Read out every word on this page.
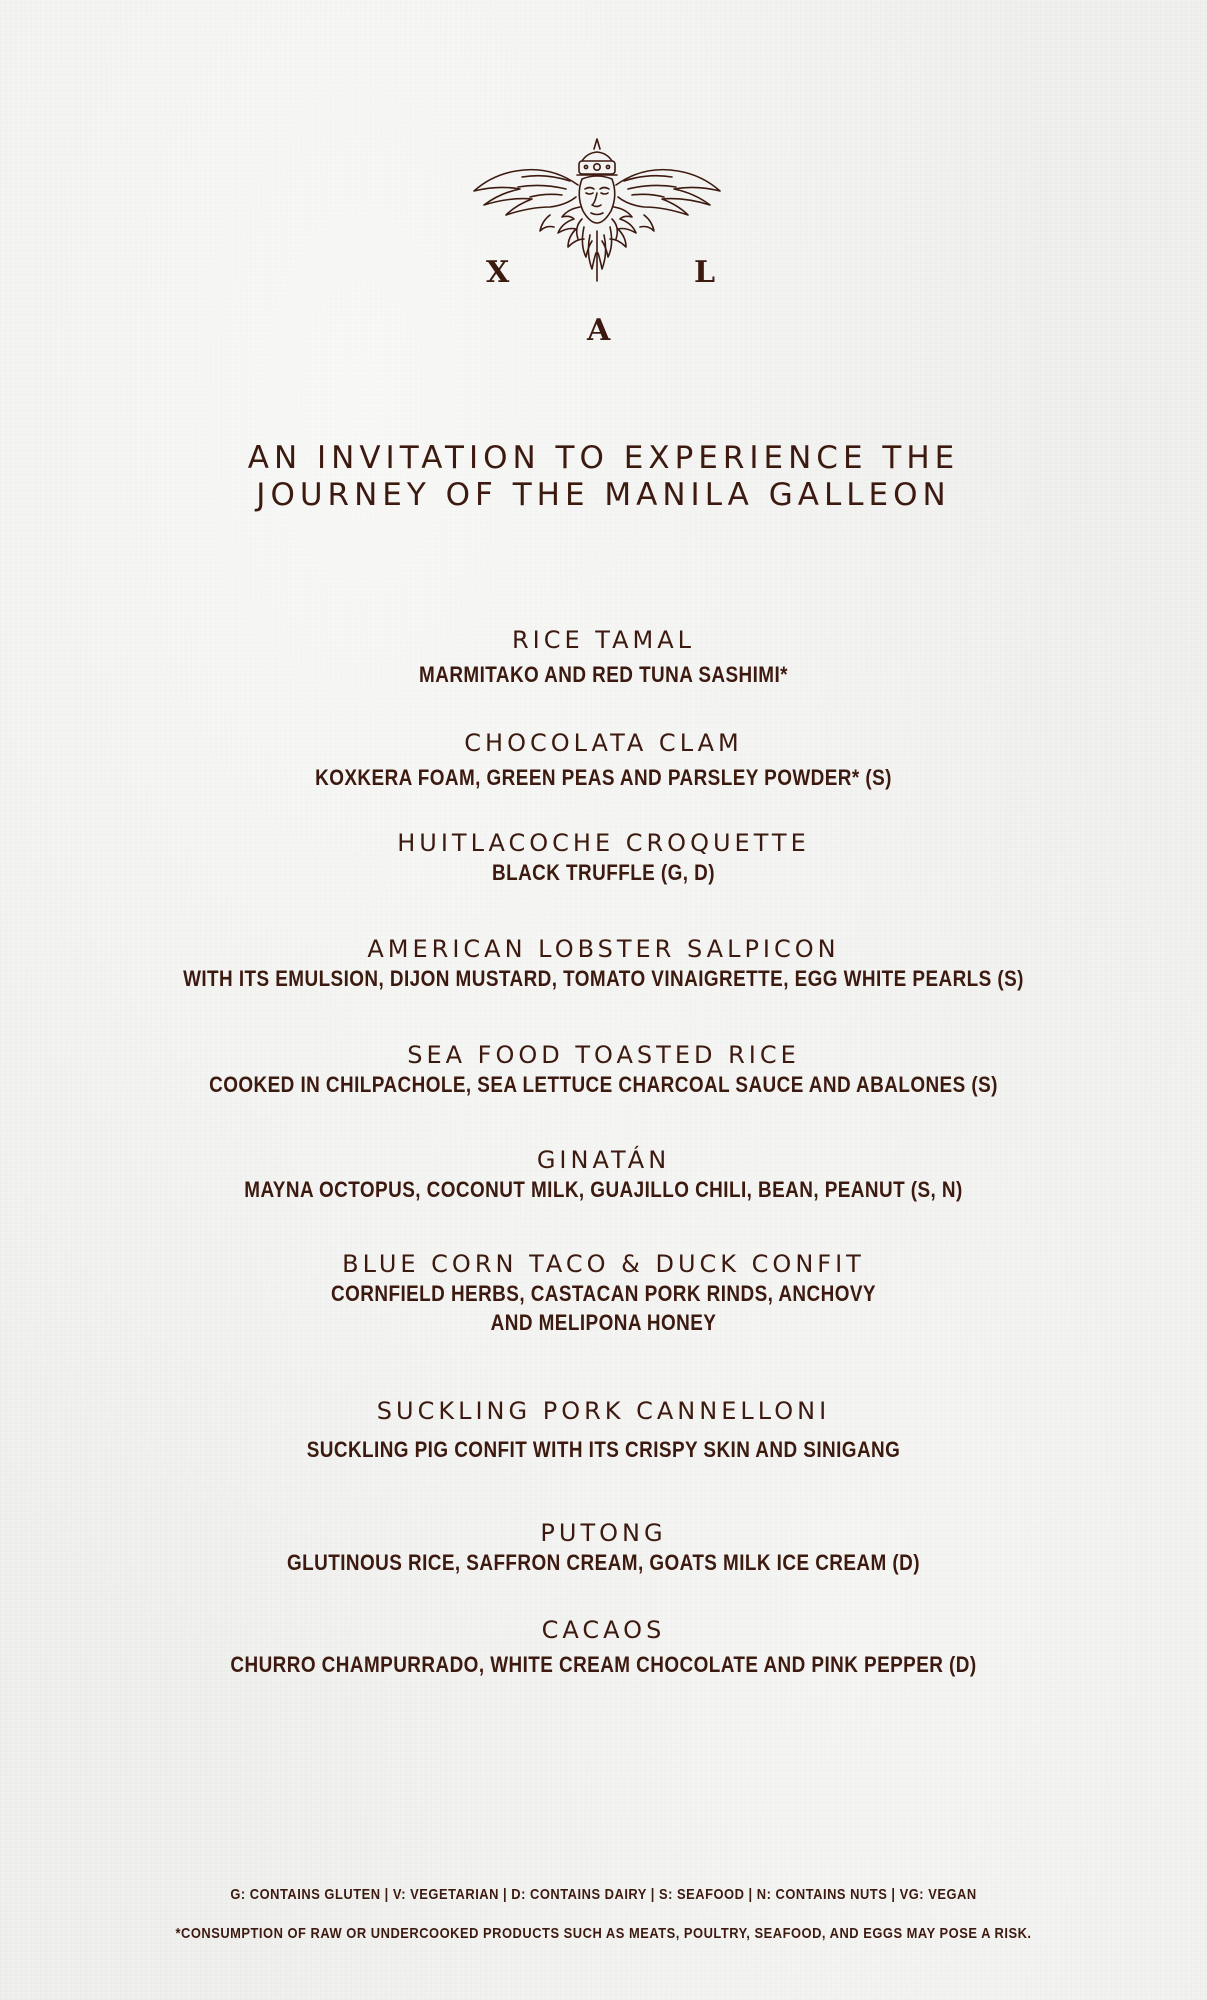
X	L
A
AN INVITATION TO EXPERIENCE THE
JOURNEY OF THE MANILA GALLEON
RICE TAMAL
MARMITAKO AND RED TUNA SASHIMI*
CHOCOLATA CLAM
KOXKERA FOAM, GREEN PEAS AND PARSLEY POWDER* (S)
HUITLACOCHE CROQUETTE
BLACK TRUFFLE (G, D)
AMERICAN LOBSTER SALPICON
WITH ITS EMULSION, DIJON MUSTARD, TOMATO VINAIGRETTE, EGG WHITE PEARLS (S)
SEA FOOD TOASTED RICE
COOKED IN CHILPACHOLE, SEA LETTUCE CHARCOAL SAUCE AND ABALONES (S)
GINATÁN
MAYNA OCTOPUS, COCONUT MILK, GUAJILLO CHILI, BEAN, PEANUT (S, N)
BLUE CORN TACO & DUCK CONFIT
CORNFIELD HERBS, CASTACAN PORK RINDS, ANCHOVY
AND MELIPONA HONEY
SUCKLING PORK CANNELLONI
SUCKLING PIG CONFIT WITH ITS CRISPY SKIN AND SINIGANG
PUTONG
GLUTINOUS RICE, SAFFRON CREAM, GOATS MILK ICE CREAM (D)
CACAOS
CHURRO CHAMPURRADO, WHITE CREAM CHOCOLATE AND PINK PEPPER (D)
G: CONTAINS GLUTEN | V: VEGETARIAN | D: CONTAINS DAIRY | S: SEAFOOD | N: CONTAINS NUTS | VG: VEGAN
*CONSUMPTION OF RAW OR UNDERCOOKED PRODUCTS SUCH AS MEATS, POULTRY, SEAFOOD, AND EGGS MAY POSE A RISK.
